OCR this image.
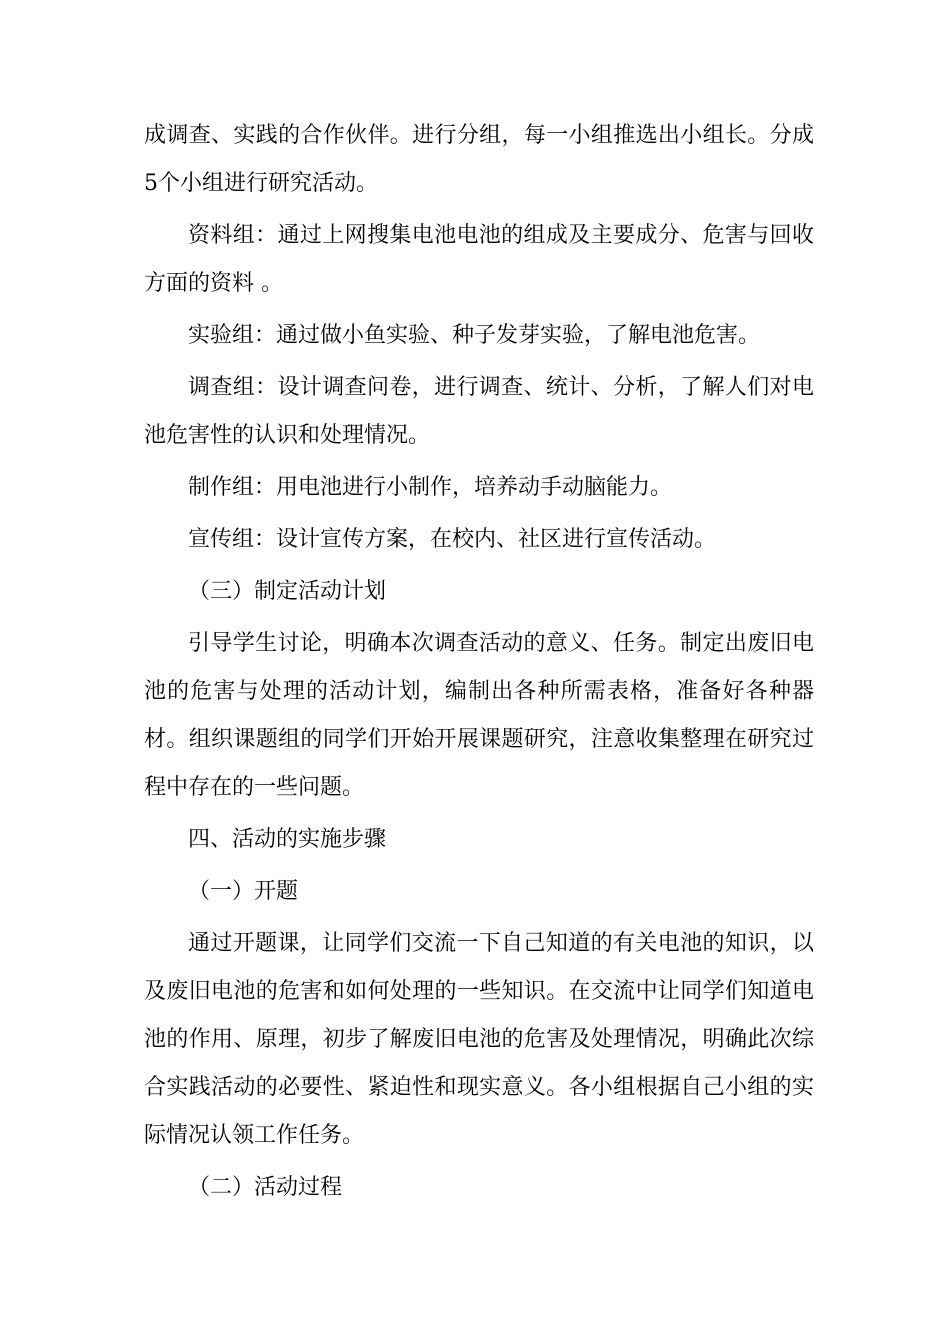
成调查、实践的合作伙伴。进行分组，每一小组推选出小组长。分成5个小组进行研究活动。

资料组：通过上网搜集电池电池的组成及主要成分、危害与回收方面的资料 。

实验组：通过做小鱼实验、种子发芽实验，了解电池危害。

调查组：设计调查问卷，进行调查、统计、分析，了解人们对电池危害性的认识和处理情况。

制作组：用电池进行小制作，培养动手动脑能力。

宣传组：设计宣传方案，在校内、社区进行宣传活动。

（三）制定活动计划

引导学生讨论，明确本次调查活动的意义、任务。制定出废旧电池的危害与处理的活动计划，编制出各种所需表格，准备好各种器材。组织课题组的同学们开始开展课题研究，注意收集整理在研究过程中存在的一些问题。

四、活动的实施步骤

（一）开题

通过开题课，让同学们交流一下自己知道的有关电池的知识，以及废旧电池的危害和如何处理的一些知识。在交流中让同学们知道电池的作用、原理，初步了解废旧电池的危害及处理情况，明确此次综合实践活动的必要性、紧迫性和现实意义。各小组根据自己小组的实际情况认领工作任务。

（二）活动过程
